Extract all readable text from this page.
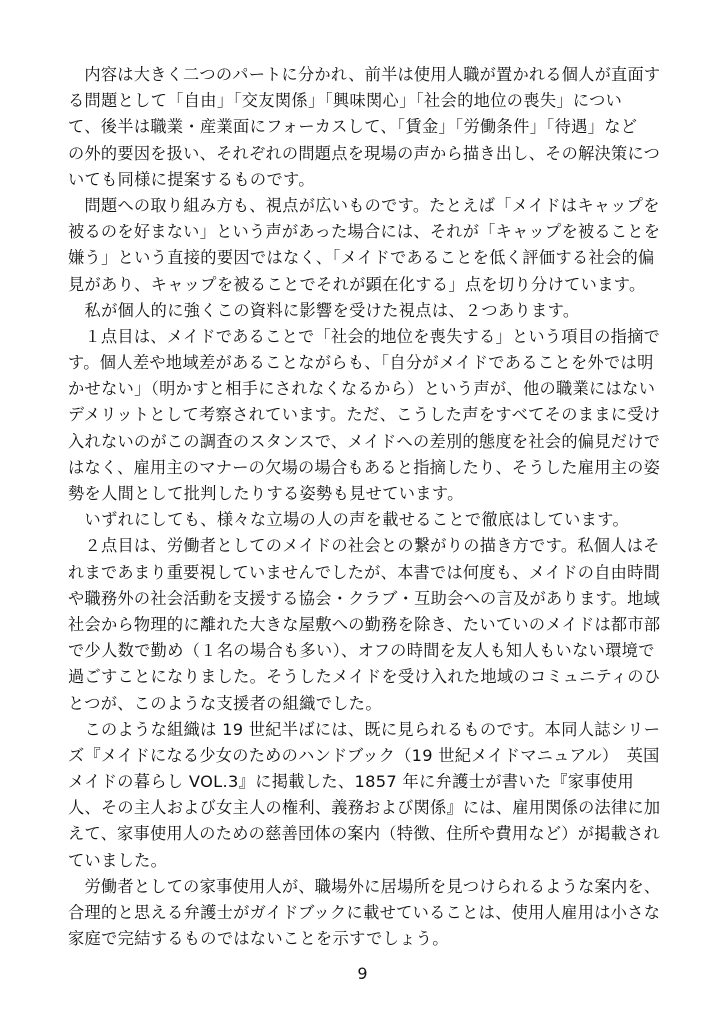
　内容は大きく二つのパートに分かれ、前半は使用人職が置かれる個人が直面す
る問題として「自由」「交友関係」「興味関心」「社会的地位の喪失」につい
て、後半は職業・産業面にフォーカスして、「賃金」「労働条件」「待遇」など
の外的要因を扱い、それぞれの問題点を現場の声から描き出し、その解決策につ
いても同様に提案するものです。
　問題への取り組み方も、視点が広いものです。たとえば「メイドはキャップを
被るのを好まない」という声があった場合には、それが「キャップを被ることを
嫌う」という直接的要因ではなく、「メイドであることを低く評価する社会的偏
見があり、キャップを被ることでそれが顕在化する」点を切り分けています。
　私が個人的に強くこの資料に影響を受けた視点は、２つあります。
　１点目は、メイドであることで「社会的地位を喪失する」という項目の指摘で
す。個人差や地域差があることながらも、「自分がメイドであることを外では明
かせない」（明かすと相手にされなくなるから）という声が、他の職業にはない
デメリットとして考察されています。ただ、こうした声をすべてそのままに受け
入れないのがこの調査のスタンスで、メイドへの差別的態度を社会的偏見だけで
はなく、雇用主のマナーの欠場の場合もあると指摘したり、そうした雇用主の姿
勢を人間として批判したりする姿勢も見せています。
　いずれにしても、様々な立場の人の声を載せることで徹底はしています。
　２点目は、労働者としてのメイドの社会との繋がりの描き方です。私個人はそ
れまであまり重要視していませんでしたが、本書では何度も、メイドの自由時間
や職務外の社会活動を支援する協会・クラブ・互助会への言及があります。地域
社会から物理的に離れた大きな屋敷への勤務を除き、たいていのメイドは都市部
で少人数で勤め（１名の場合も多い）、オフの時間を友人も知人もいない環境で
過ごすことになりました。そうしたメイドを受け入れた地域のコミュニティのひ
とつが、このような支援者の組織でした。
　このような組織は 19 世紀半ばには、既に見られるものです。本同人誌シリー
ズ『メイドになる少女のためのハンドブック（19 世紀メイドマニュアル）　英国
メイドの暮らし VOL.3』に掲載した、1857 年に弁護士が書いた『家事使用
人、その主人および女主人の権利、義務および関係』には、雇用関係の法律に加
えて、家事使用人のための慈善団体の案内（特徴、住所や費用など）が掲載され
ていました。
　労働者としての家事使用人が、職場外に居場所を見つけられるような案内を、
合理的と思える弁護士がガイドブックに載せていることは、使用人雇用は小さな
家庭で完結するものではないことを示すでしょう。
9
